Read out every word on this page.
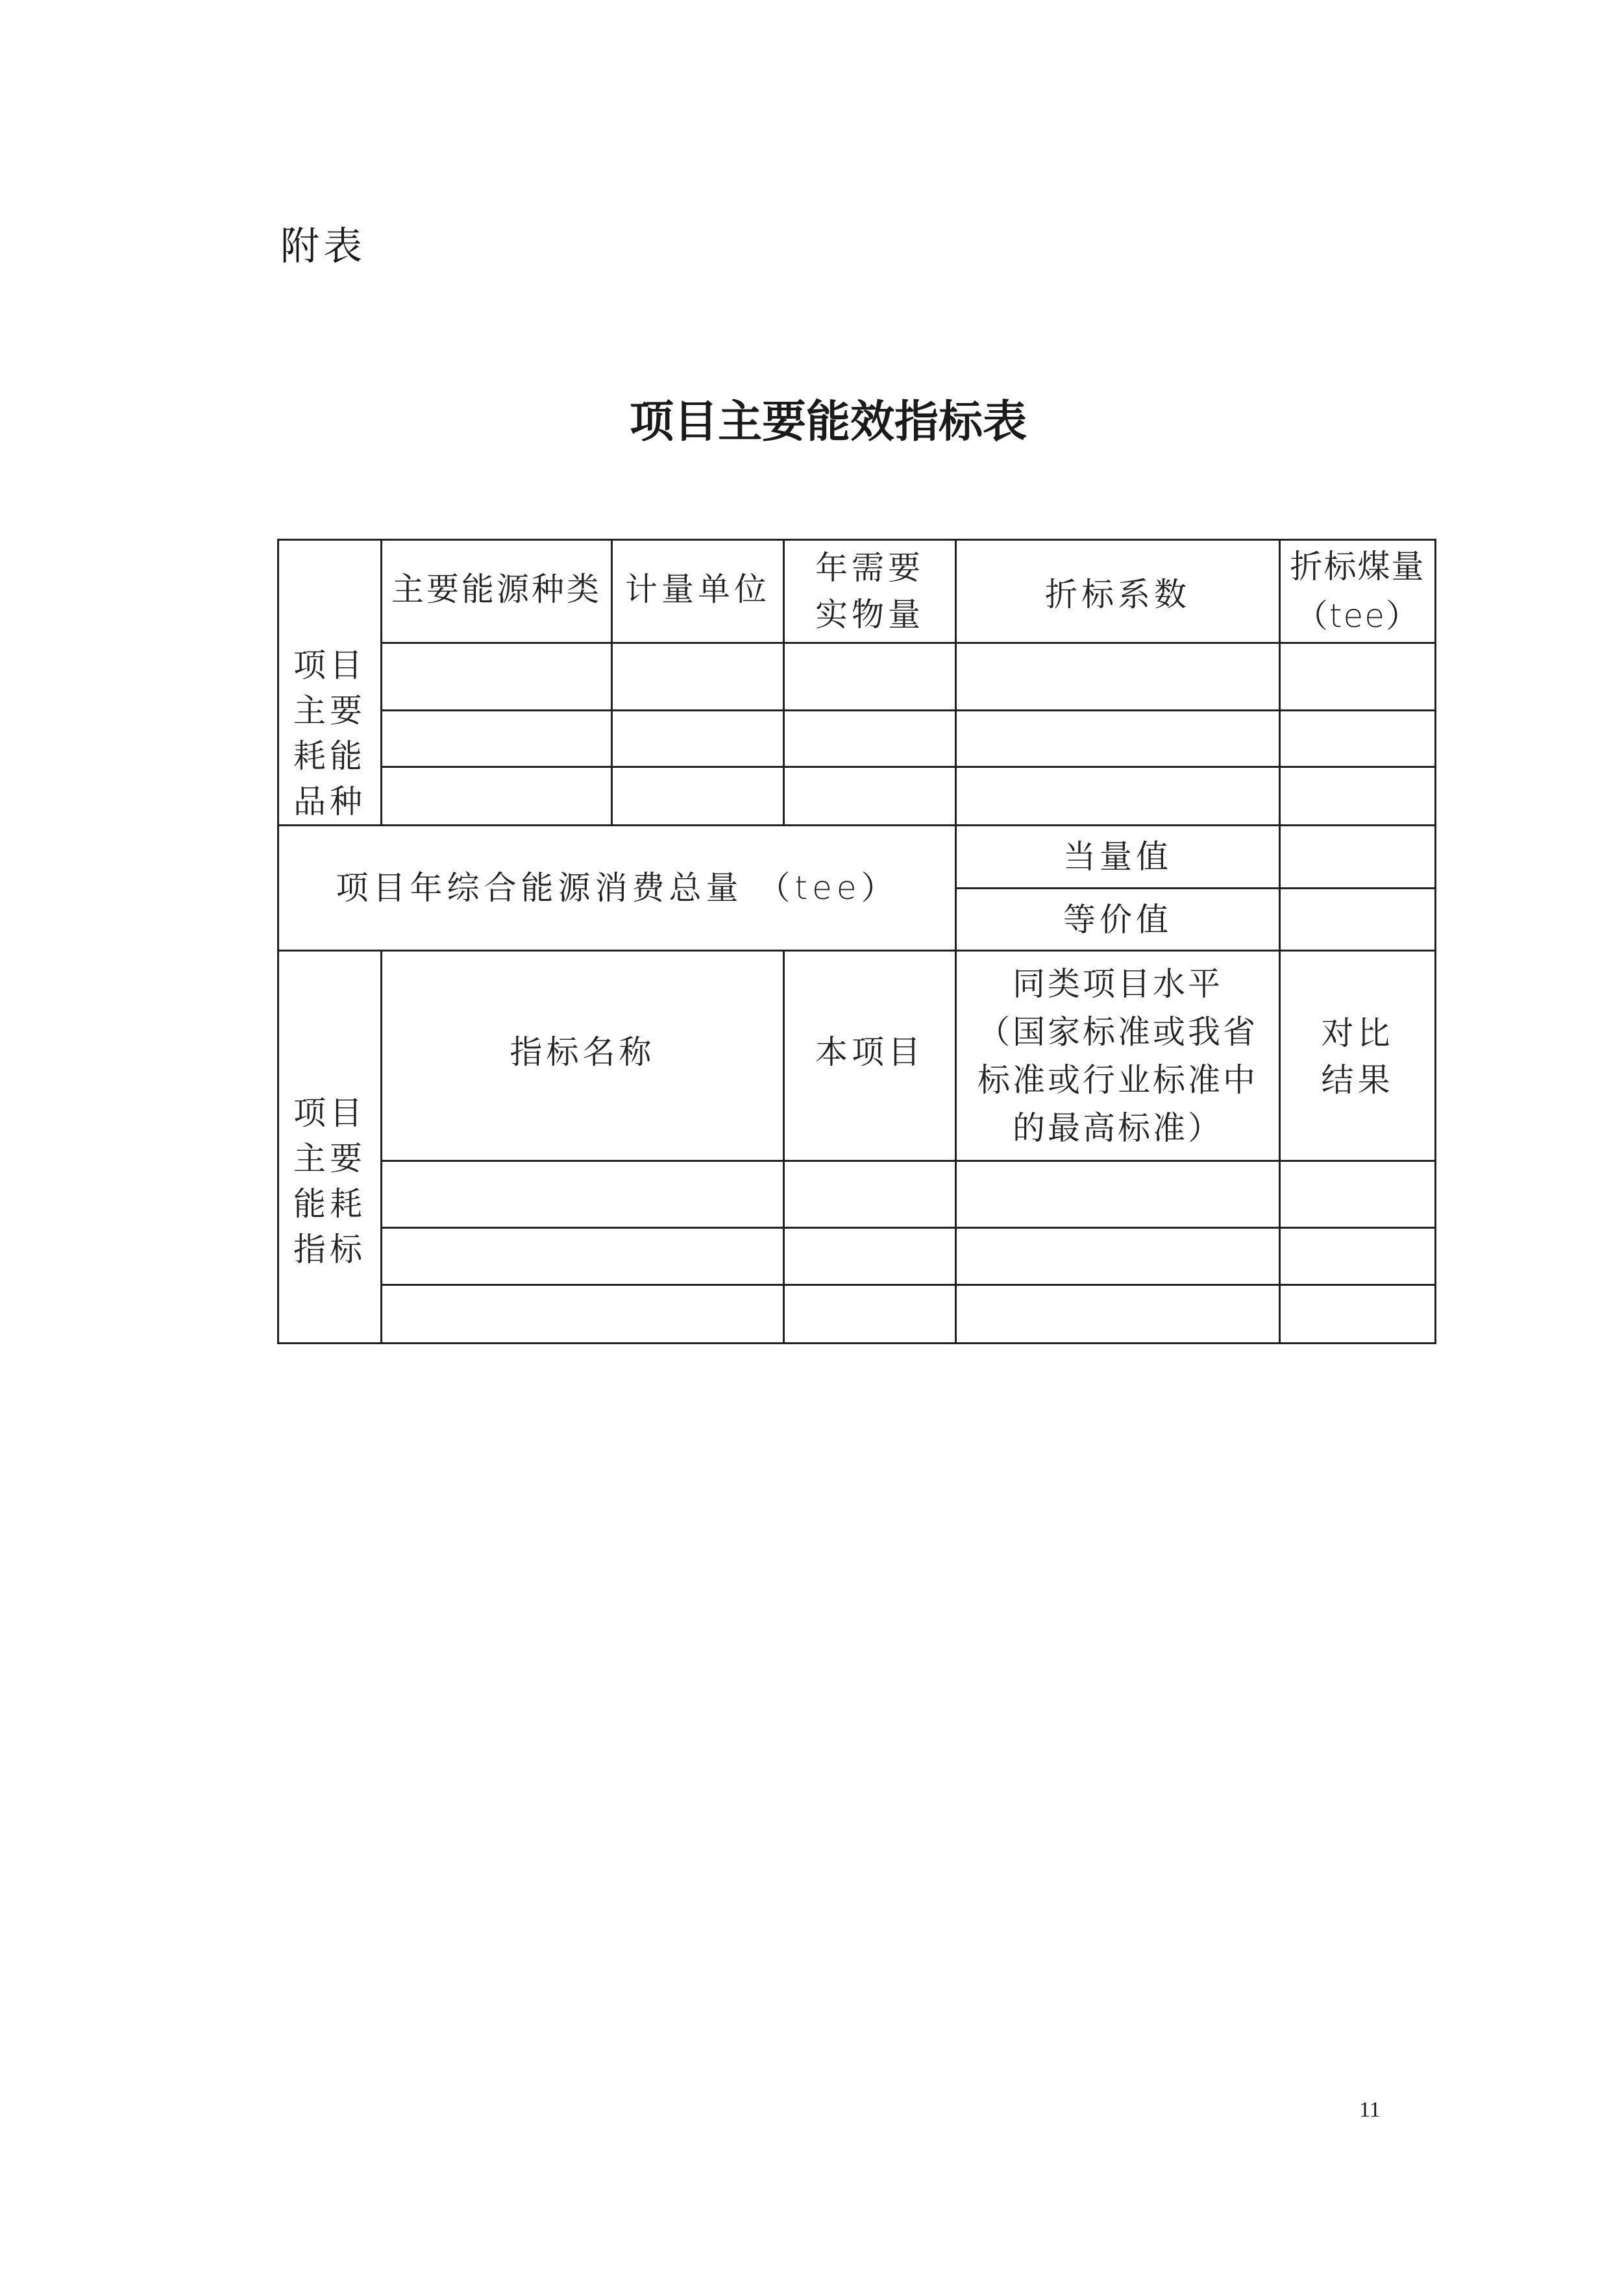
附表
项目主要能效指标表
项目
主要
耗能
品种
主要能源种类 计量单位
年需要
实物量
折标系数
折标煤量
（tee）
项目年综合能源消费总量 （tee）
当量值
等价值
项目
主要
能耗
指标
指标名称	本项目
同类项目水平
（国家标准或我省
标准或行业标准中
的最高标准）
对比
结果
11
